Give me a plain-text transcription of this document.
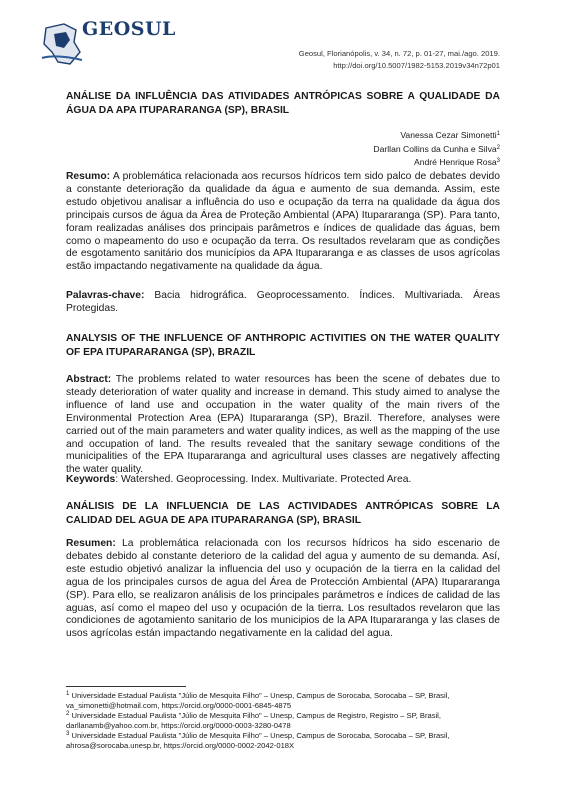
GEOSUL
Geosul, Florianópolis, v. 34, n. 72, p. 01-27, mai./ago. 2019.
http://doi.org/10.5007/1982-5153.2019v34n72p01

ANÁLISE DA INFLUÊNCIA DAS ATIVIDADES ANTRÓPICAS SOBRE A QUALIDADE DA ÁGUA DA APA ITUPARARANGA (SP), BRASIL

Vanessa Cezar Simonetti$^1$
Darllan Collins da Cunha e Silva$^2$
André Henrique Rosa$^3$

Resumo: A problemática relacionada aos recursos hídricos tem sido palco de debates devido a constante deterioração da qualidade da água e aumento de sua demanda. Assim, este estudo objetivou analisar a influência do uso e ocupação da terra na qualidade da água dos principais cursos de água da Área de Proteção Ambiental (APA) Itupararanga (SP). Para tanto, foram realizadas análises dos principais parâmetros e índices de qualidade das águas, bem como o mapeamento do uso e ocupação da terra. Os resultados revelaram que as condições de esgotamento sanitário dos municípios da APA Itupararanga e as classes de usos agrícolas estão impactando negativamente na qualidade da água.

Palavras-chave: Bacia hidrográfica. Geoprocessamento. Índices. Multivariada. Áreas Protegidas.

ANALYSIS OF THE INFLUENCE OF ANTHROPIC ACTIVITIES ON THE WATER QUALITY OF EPA ITUPARARANGA (SP), BRAZIL

Abstract: The problems related to water resources has been the scene of debates due to steady deterioration of water quality and increase in demand. This study aimed to analyse the influence of land use and occupation in the water quality of the main rivers of the Environmental Protection Area (EPA) Itupararanga (SP), Brazil. Therefore, analyses were carried out of the main parameters and water quality indices, as well as the mapping of the use and occupation of land. The results revealed that the sanitary sewage conditions of the municipalities of the EPA Itupararanga and agricultural uses classes are negatively affecting the water quality.

Keywords: Watershed. Geoprocessing. Index. Multivariate. Protected Area.

ANÁLISIS DE LA INFLUENCIA DE LAS ACTIVIDADES ANTRÓPICAS SOBRE LA CALIDAD DEL AGUA DE APA ITUPARARANGA (SP), BRASIL

Resumen: La problemática relacionada con los recursos hídricos ha sido escenario de debates debido al constante deterioro de la calidad del agua y aumento de su demanda. Así, este estudio objetivó analizar la influencia del uso y ocupación de la tierra en la calidad del agua de los principales cursos de agua del Área de Protección Ambiental (APA) Itupararanga (SP). Para ello, se realizaron análisis de los principales parámetros e índices de calidad de las aguas, así como el mapeo del uso y ocupación de la tierra. Los resultados revelaron que las condiciones de agotamiento sanitario de los municipios de la APA Itupararanga y las clases de usos agrícolas están impactando negativamente en la calidad del agua.

$^1$ Universidade Estadual Paulista "Júlio de Mesquita Filho" – Unesp, Campus de Sorocaba, Sorocaba – SP, Brasil,
va_simonetti@hotmail.com, https://orcid.org/0000-0001-6845-4875

$^2$ Universidade Estadual Paulista "Júlio de Mesquita Filho" – Unesp, Campus de Registro, Registro – SP, Brasil,
darllanamb@yahoo.com.br, https://orcid.org/0000-0003-3280-0478

$^3$ Universidade Estadual Paulista "Júlio de Mesquita Filho" – Unesp, Campus de Sorocaba, Sorocaba – SP, Brasil,
ahrosa@sorocaba.unesp.br, https://orcid.org/0000-0002-2042-018X
